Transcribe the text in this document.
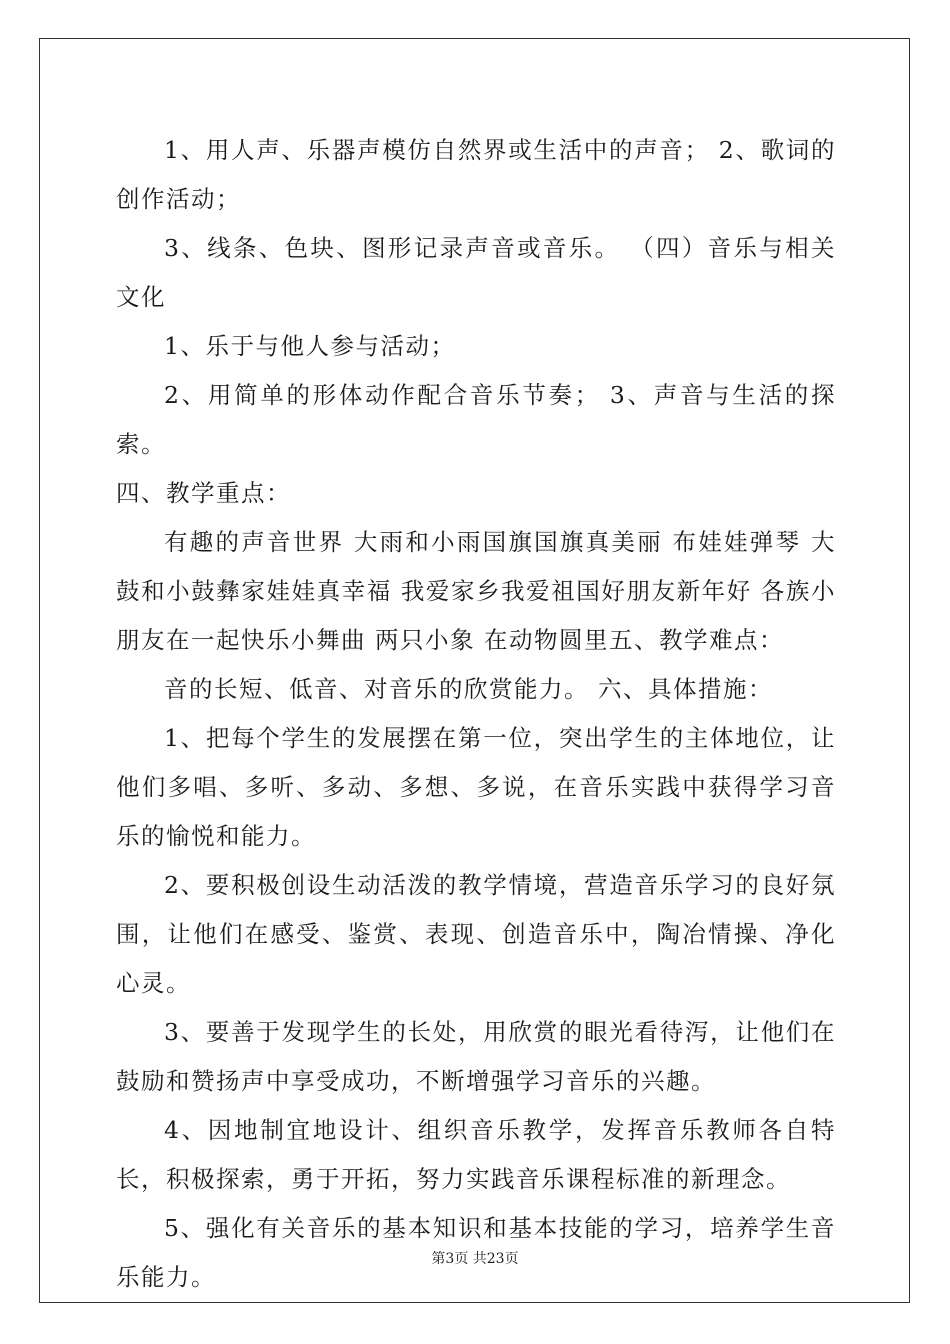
1、用人声、乐器声模仿自然界或生活中的声音； 2、歌词的创作活动；

3、线条、色块、图形记录声音或音乐。 （四）音乐与相关文化

1、乐于与他人参与活动；

2、用简单的形体动作配合音乐节奏； 3、声音与生活的探索。

四、教学重点：

有趣的声音世界 大雨和小雨国旗国旗真美丽 布娃娃弹琴 大鼓和小鼓彝家娃娃真幸福 我爱家乡我爱祖国好朋友新年好 各族小朋友在一起快乐小舞曲 两只小象 在动物圆里五、教学难点：

音的长短、低音、对音乐的欣赏能力。 六、具体措施：

1、把每个学生的发展摆在第一位，突出学生的主体地位，让他们多唱、多听、多动、多想、多说，在音乐实践中获得学习音乐的愉悦和能力。

2、要积极创设生动活泼的教学情境，营造音乐学习的良好氛围，让他们在感受、鉴赏、表现、创造音乐中，陶冶情操、净化心灵。

3、要善于发现学生的长处，用欣赏的眼光看待泻，让他们在鼓励和赞扬声中享受成功，不断增强学习音乐的兴趣。

4、因地制宜地设计、组织音乐教学，发挥音乐教师各自特长，积极探索，勇于开拓，努力实践音乐课程标准的新理念。

5、强化有关音乐的基本知识和基本技能的学习，培养学生音乐能力。

第3页 共23页
